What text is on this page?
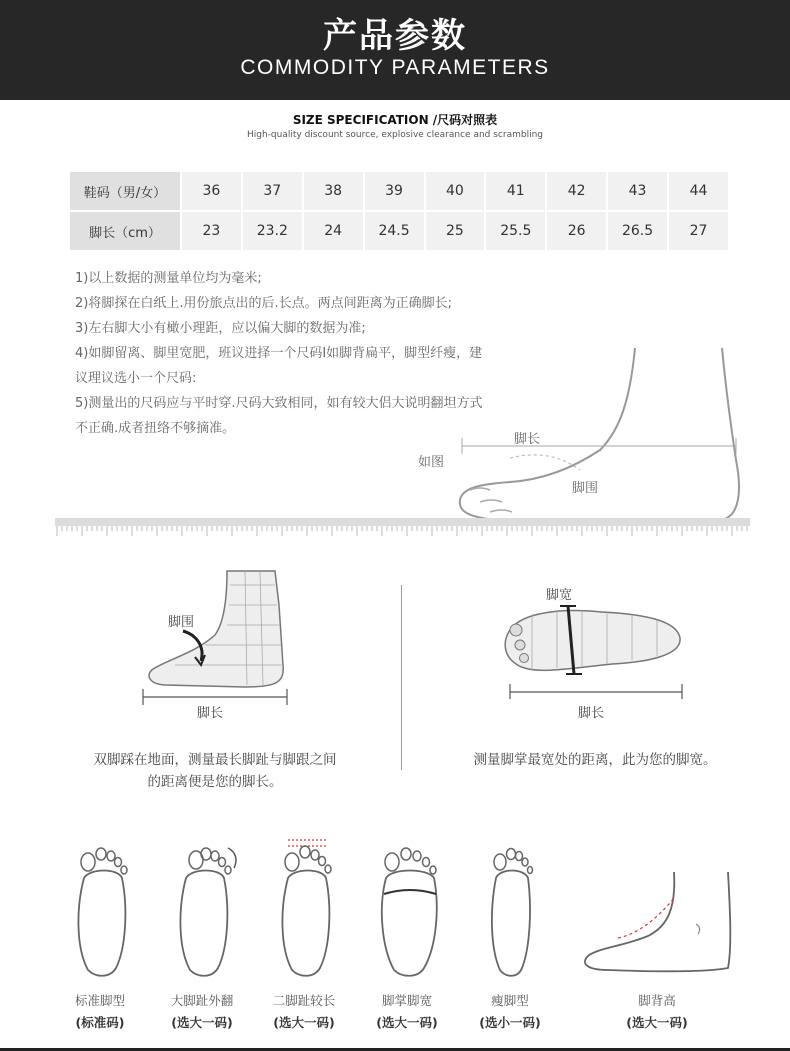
产品参数
COMMODITY PARAMETERS
SIZE SPECIFICATION /尺码对照表
High-quality discount source, explosive clearance and scrambling
鞋码（男/女）	36	37	38	39	40	41	42	43	44
脚长（cm）	23	23.2	24	24.5	25	25.5	26	26.5	27

1)以上数据的测量单位均为毫米;

2)将脚探在白纸上.用份旅点出的后.长点。两点间距离为正确脚长;

3)左右脚大小有橄小理距，应以偏大脚的数据为准;

4)如脚留离、脚里宽肥，班议进择一个尺码I如脚背扁平，脚型纤瘦，建

议理议选小一个尺码:

5)测量出的尺码应与平时穿.尺码大致相同，如有较大侣大说明翻坦方式

不正确.成者扭络不够摘准。

脚长
如图
脚围
脚围
脚长
脚宽
脚长
双脚踩在地面，测量最长脚趾与脚跟之间
的距离便是您的脚长。
测量脚掌最宽处的距离，此为您的脚宽。
标准脚型
(标准码)
大脚趾外翻
(选大一码)
二脚趾较长
(选大一码)
脚掌脚宽
(选大一码)
瘦脚型
(选小一码)
脚背高
(选大一码)
